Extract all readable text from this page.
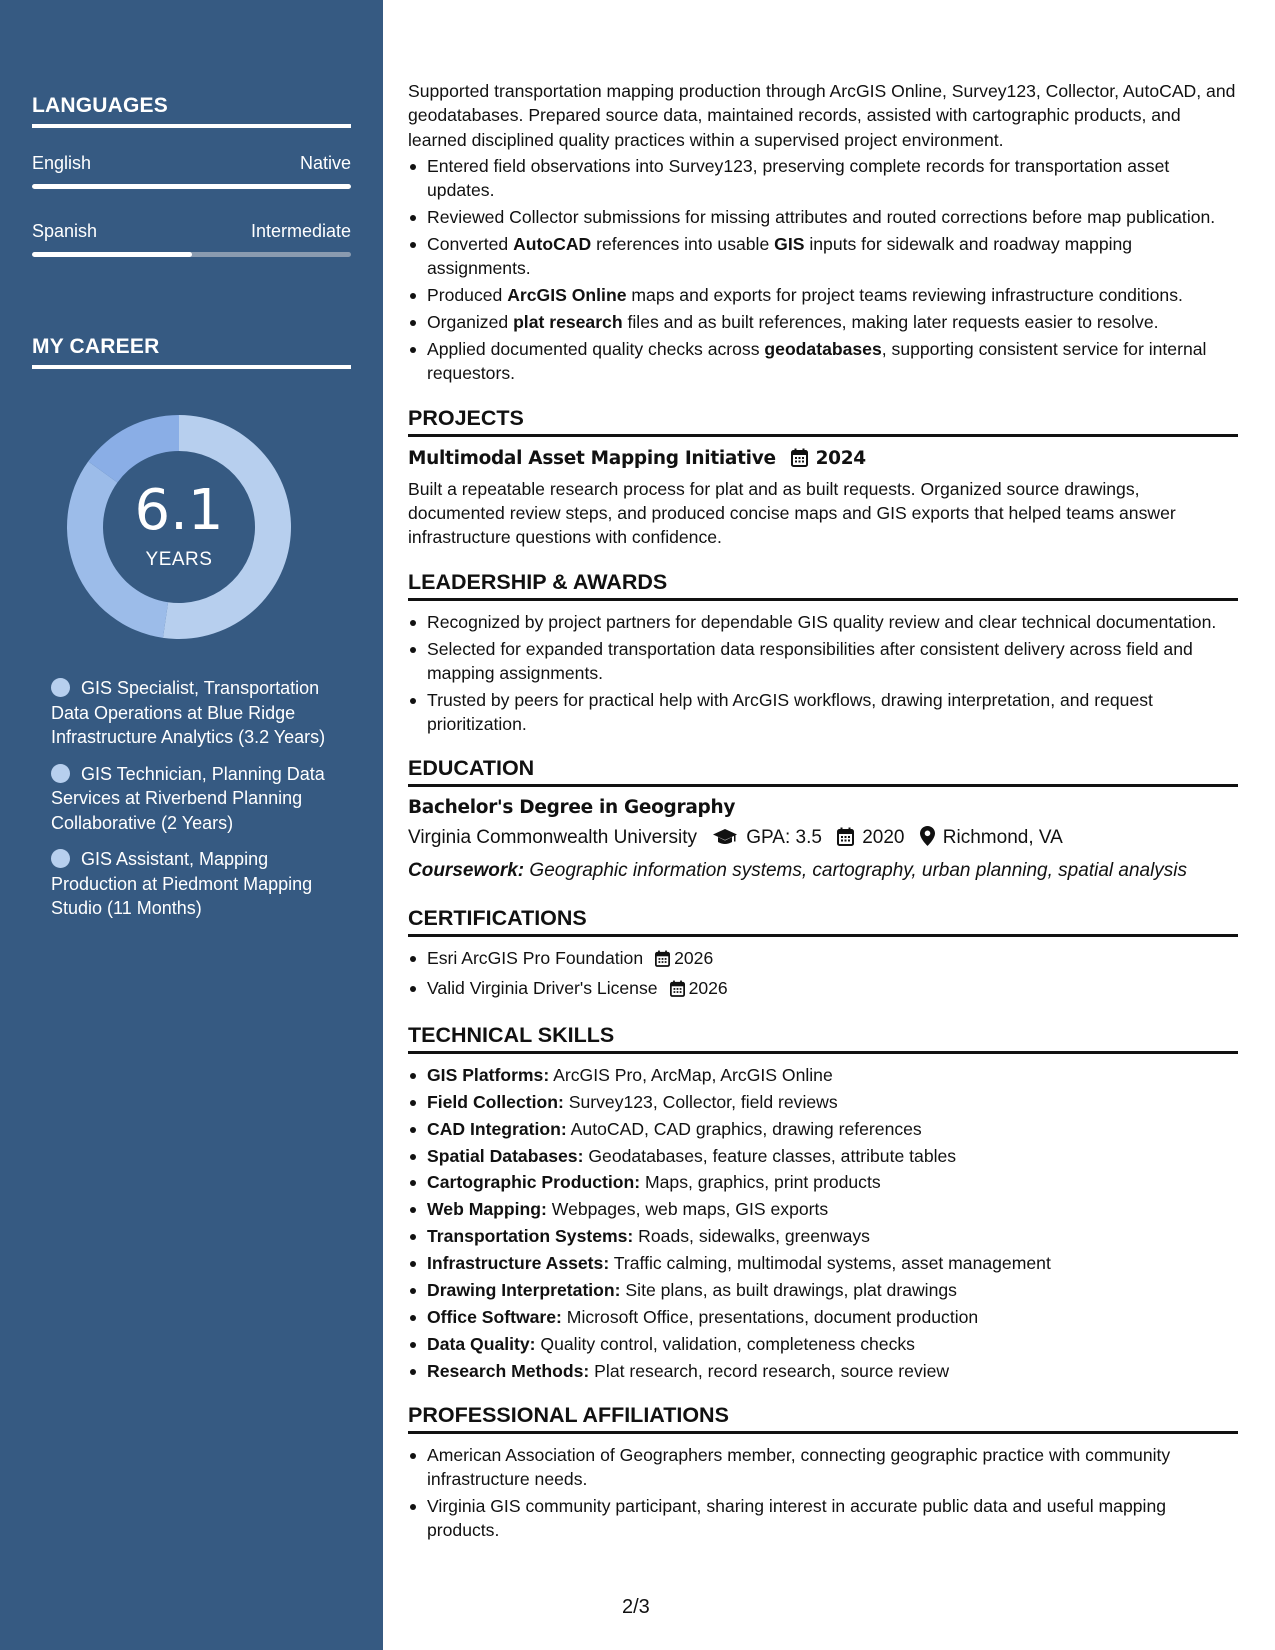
LANGUAGES
English	Native
Spanish	Intermediate
MY CAREER
6.1
YEARS
GIS Specialist, Transportation Data Operations at Blue Ridge Infrastructure Analytics (3.2 Years)
GIS Technician, Planning Data Services at Riverbend Planning Collaborative (2 Years)
GIS Assistant, Mapping Production at Piedmont Mapping Studio (11 Months)

Supported transportation mapping production through ArcGIS Online, Survey123, Collector, AutoCAD, and geodatabases. Prepared source data, maintained records, assisted with cartographic products, and learned disciplined quality practices within a supervised project environment.

Entered field observations into Survey123, preserving complete records for transportation asset updates.
Reviewed Collector submissions for missing attributes and routed corrections before map publication.
Converted AutoCAD references into usable GIS inputs for sidewalk and roadway mapping assignments.
Produced ArcGIS Online maps and exports for project teams reviewing infrastructure conditions.
Organized plat research files and as built references, making later requests easier to resolve.
Applied documented quality checks across geodatabases, supporting consistent service for internal requestors.
PROJECTS
Multimodal Asset Mapping Initiative 2024

Built a repeatable research process for plat and as built requests. Organized source drawings, documented review steps, and produced concise maps and GIS exports that helped teams answer infrastructure questions with confidence.

LEADERSHIP & AWARDS
Recognized by project partners for dependable GIS quality review and clear technical documentation.
Selected for expanded transportation data responsibilities after consistent delivery across field and mapping assignments.
Trusted by peers for practical help with ArcGIS workflows, drawing interpretation, and request prioritization.
EDUCATION
Bachelor's Degree in Geography
Virginia Commonwealth University	GPA: 3.5 2020 Richmond, VA
Coursework: Geographic information systems, cartography, urban planning, spatial analysis
CERTIFICATIONS
Esri ArcGIS Pro Foundation 2026
Valid Virginia Driver's License 2026
TECHNICAL SKILLS
GIS Platforms: ArcGIS Pro, ArcMap, ArcGIS Online
Field Collection: Survey123, Collector, field reviews
CAD Integration: AutoCAD, CAD graphics, drawing references
Spatial Databases: Geodatabases, feature classes, attribute tables
Cartographic Production: Maps, graphics, print products
Web Mapping: Webpages, web maps, GIS exports
Transportation Systems: Roads, sidewalks, greenways
Infrastructure Assets: Traffic calming, multimodal systems, asset management
Drawing Interpretation: Site plans, as built drawings, plat drawings
Office Software: Microsoft Office, presentations, document production
Data Quality: Quality control, validation, completeness checks
Research Methods: Plat research, record research, source review
PROFESSIONAL AFFILIATIONS
American Association of Geographers member, connecting geographic practice with community infrastructure needs.
Virginia GIS community participant, sharing interest in accurate public data and useful mapping products.
2/3
